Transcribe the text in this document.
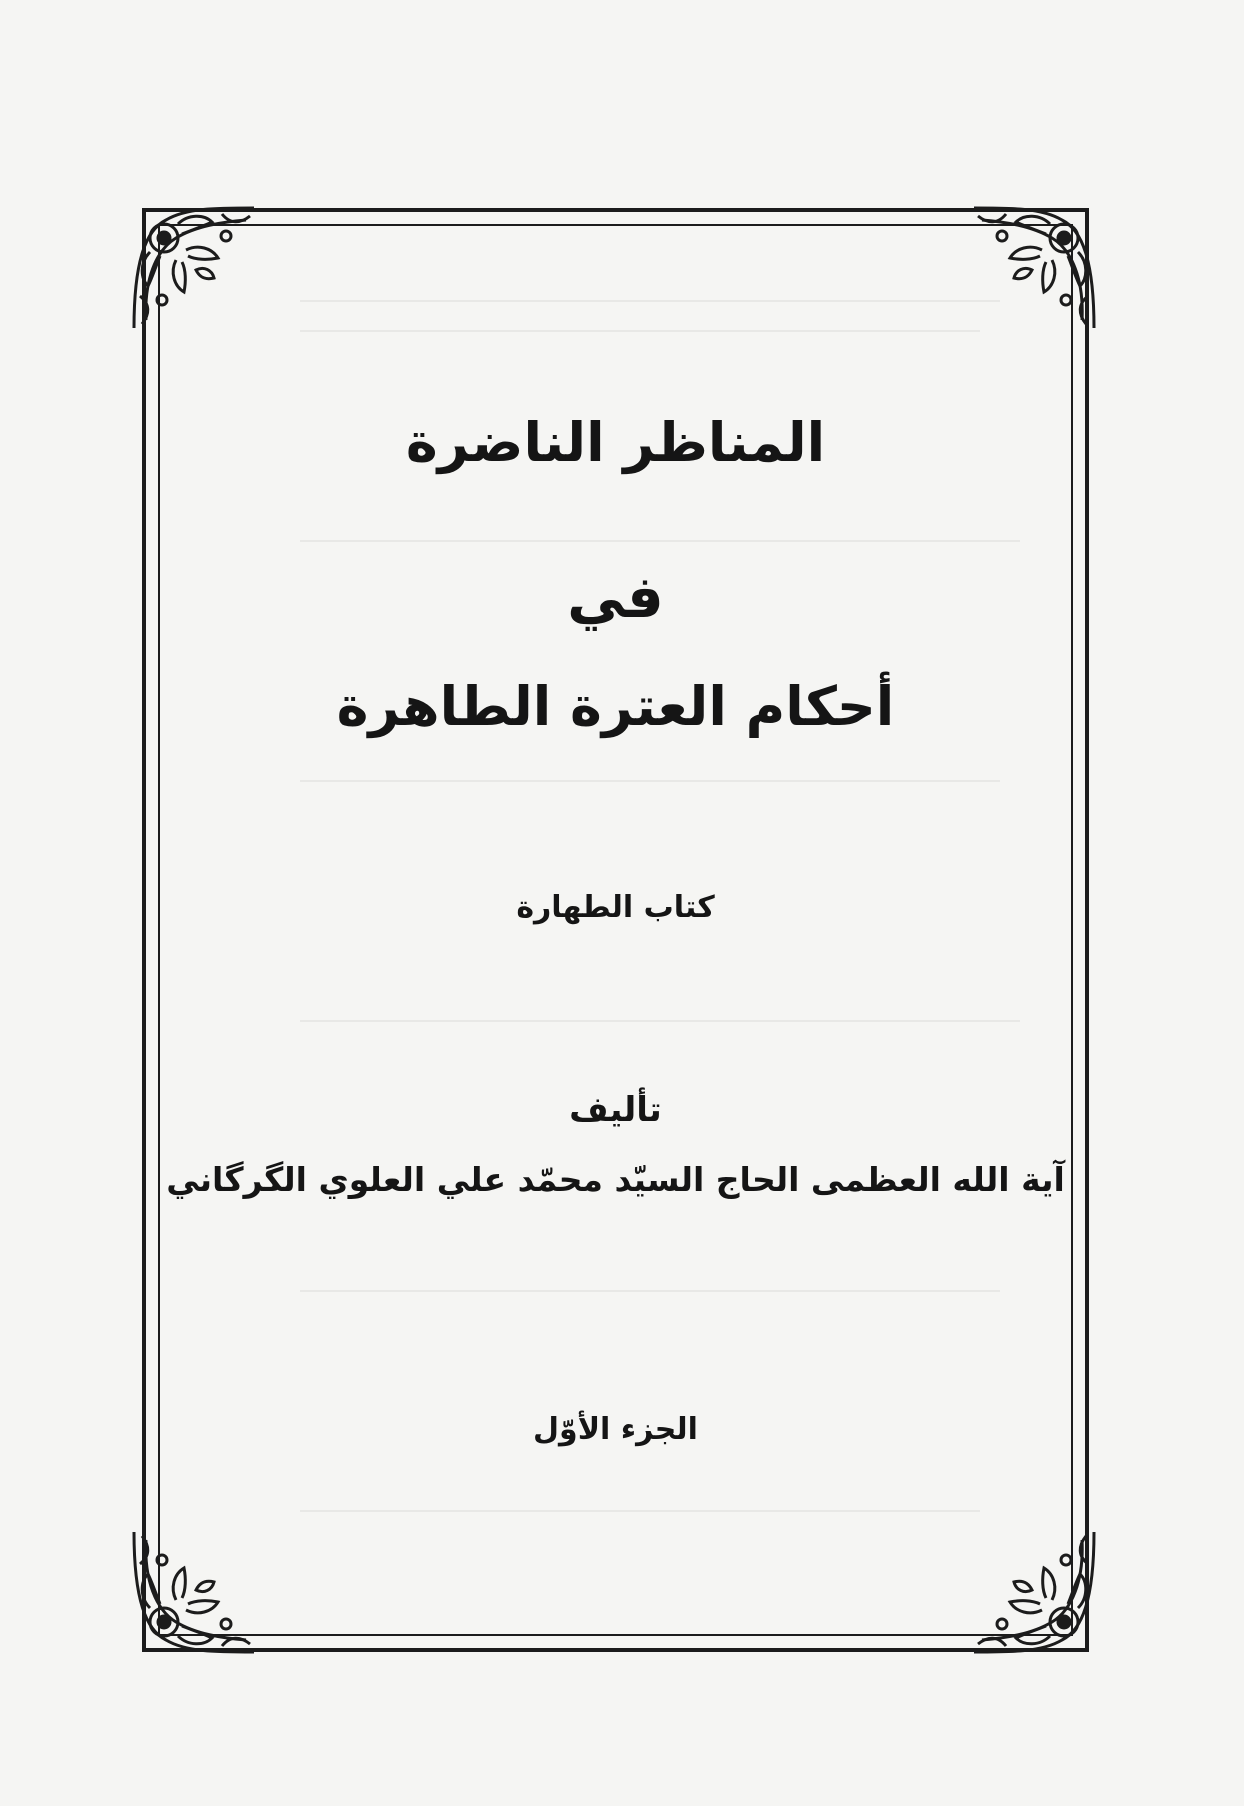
المناظر الناضرة
في
أحكام العترة الطاهرة
كتاب الطهارة
تأليف
آية الله العظمى الحاج السيّد محمّد علي العلوي الگرگاني
الجزء الأوّل
